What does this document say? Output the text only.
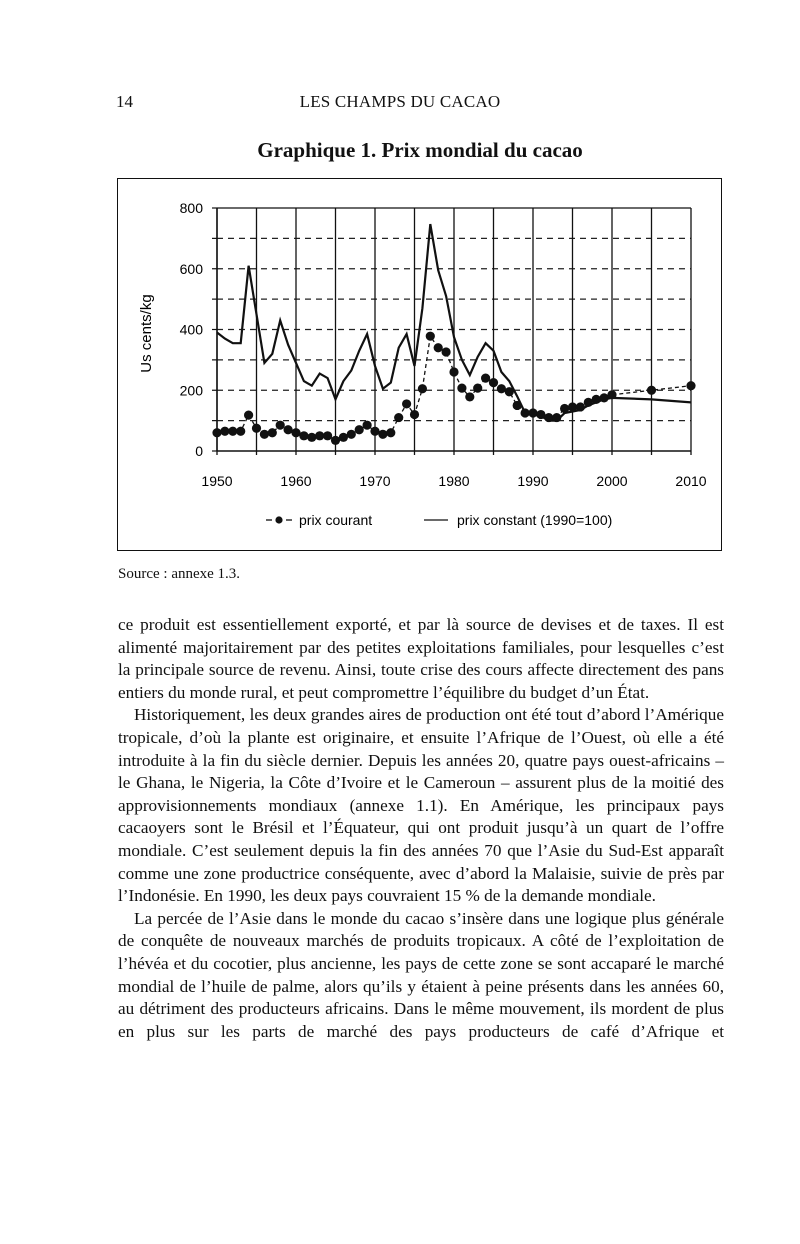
14	LES CHAMPS DU CACAO
Graphique 1. Prix mondial du cacao
0
200
400
600
800
1950	1960	1970	1980	1990	2000	2010
Us cents/kg
prix courant	prix constant (1990=100)
Source : annexe 1.3.

ce produit est essentiellement exporté, et par là source de devises et de taxes. Il est alimenté majoritairement par des petites exploitations familiales, pour lesquelles c’est la principale source de revenu. Ainsi, toute crise des cours affecte directement des pans entiers du monde rural, et peut compromettre l’équilibre du budget d’un État.

Historiquement, les deux grandes aires de production ont été tout d’abord l’Amérique tropicale, d’où la plante est originaire, et ensuite l’Afrique de l’Ouest, où elle a été introduite à la fin du siècle dernier. Depuis les années 20, quatre pays ouest-africains – le Ghana, le Nigeria, la Côte d’Ivoire et le Cameroun – assurent plus de la moitié des approvisionnements mondiaux (annexe 1.1). En Amérique, les principaux pays cacaoyers sont le Brésil et l’Équateur, qui ont produit jusqu’à un quart de l’offre mondiale. C’est seulement depuis la fin des années 70 que l’Asie du Sud-Est apparaît comme une zone productrice conséquente, avec d’abord la Malaisie, suivie de près par l’Indonésie. En 1990, les deux pays couvraient 15 % de la demande mondiale.

La percée de l’Asie dans le monde du cacao s’insère dans une logique plus générale de conquête de nouveaux marchés de produits tropicaux. A côté de l’exploitation de l’hévéa et du cocotier, plus ancienne, les pays de cette zone se sont accaparé le marché mondial de l’huile de palme, alors qu’ils y étaient à peine présents dans les années 60, au détriment des producteurs africains. Dans le même mouvement, ils mordent de plus en plus sur les parts de marché des pays producteurs de café d’Afrique et
